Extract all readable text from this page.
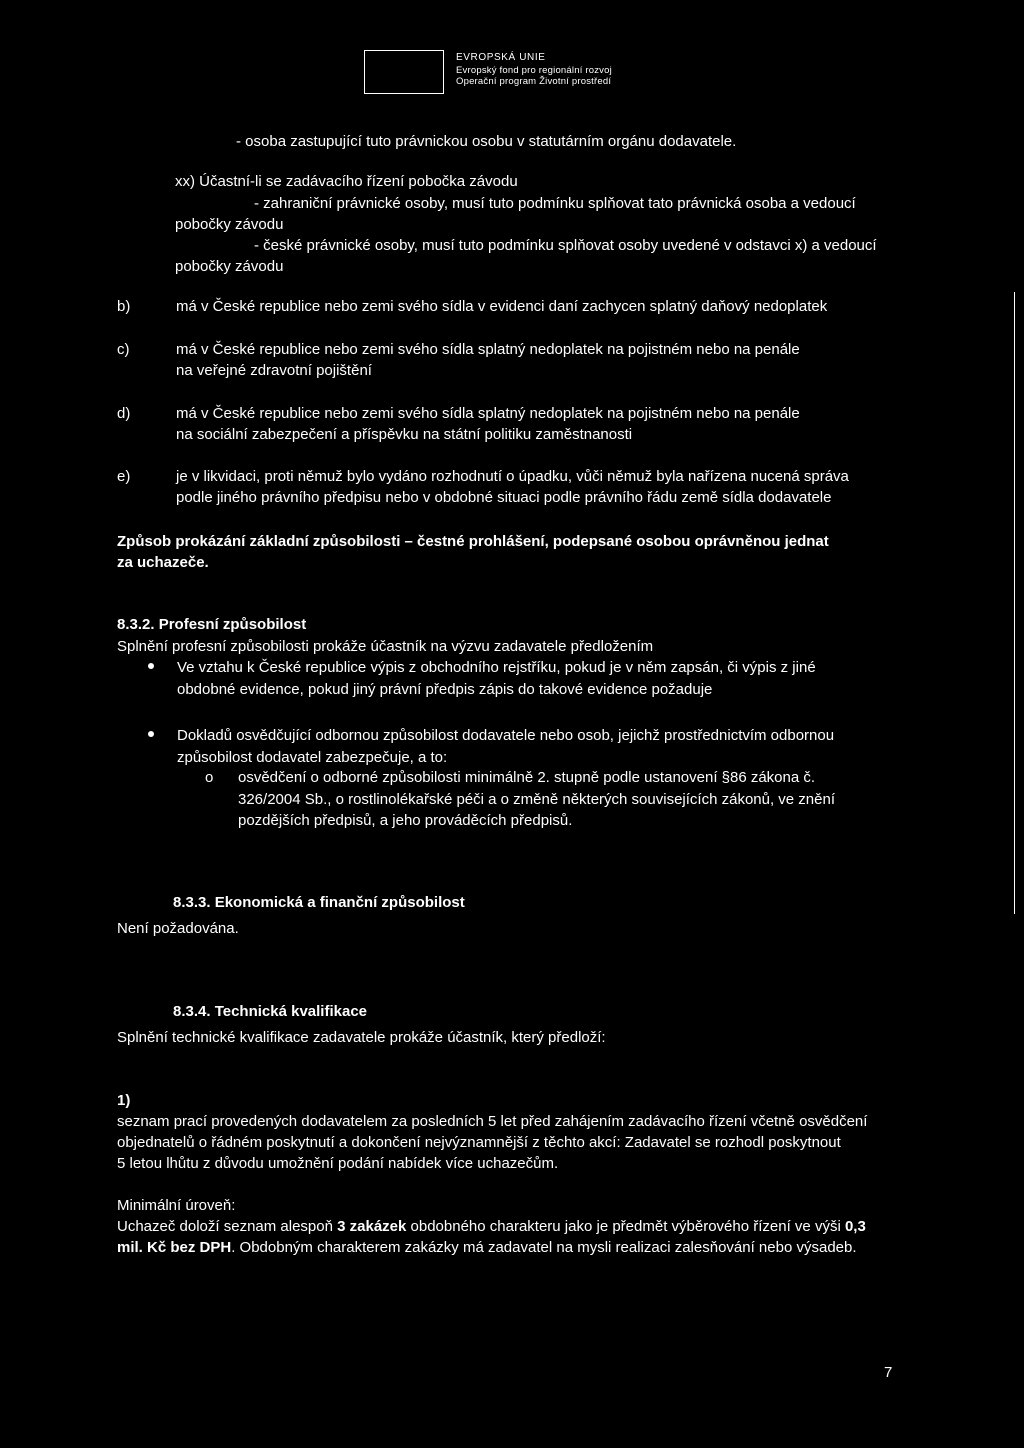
EVROPSKÁ UNIE
Evropský fond pro regionální rozvoj
Operační program Životní prostředí
- osoba zastupující tuto právnickou osobu v statutárním orgánu dodavatele.
xx) Účastní-li se zadávacího řízení pobočka závodu
- zahraniční právnické osoby, musí tuto podmínku splňovat tato právnická osoba a vedoucí
pobočky závodu
- české právnické osoby, musí tuto podmínku splňovat osoby uvedené v odstavci x) a vedoucí
pobočky závodu
b)	má v České republice nebo zemi svého sídla v evidenci daní zachycen splatný daňový nedoplatek
c)	má v České republice nebo zemi svého sídla splatný nedoplatek na pojistném nebo na penále
na veřejné zdravotní pojištění
d)	má v České republice nebo zemi svého sídla splatný nedoplatek na pojistném nebo na penále
na sociální zabezpečení a příspěvku na státní politiku zaměstnanosti
e)	je v likvidaci, proti němuž bylo vydáno rozhodnutí o úpadku, vůči němuž byla nařízena nucená správa
podle jiného právního předpisu nebo v obdobné situaci podle právního řádu země sídla dodavatele
Způsob prokázání základní způsobilosti – čestné prohlášení, podepsané osobou oprávněnou jednat
za uchazeče.
8.3.2. Profesní způsobilost
Splnění profesní způsobilosti prokáže účastník na výzvu zadavatele předložením
Ve vztahu k České republice výpis z obchodního rejstříku, pokud je v něm zapsán, či výpis z jiné
obdobné evidence, pokud jiný právní předpis zápis do takové evidence požaduje
Dokladů osvědčující odbornou způsobilost dodavatele nebo osob, jejichž prostřednictvím odbornou
způsobilost dodavatel zabezpečuje, a to:
o osvědčení o odborné způsobilosti minimálně 2. stupně podle ustanovení §86 zákona č.
326/2004 Sb., o rostlinolékařské péči a o změně některých souvisejících zákonů, ve znění
pozdějších předpisů, a jeho prováděcích předpisů.
8.3.3. Ekonomická a finanční způsobilost
Není požadována.
8.3.4. Technická kvalifikace
Splnění technické kvalifikace zadavatele prokáže účastník, který předloží:
1)
seznam prací provedených dodavatelem za posledních 5 let před zahájením zadávacího řízení včetně osvědčení
objednatelů o řádném poskytnutí a dokončení nejvýznamnější z těchto akcí: Zadavatel se rozhodl poskytnout
5 letou lhůtu z důvodu umožnění podání nabídek více uchazečům.
Minimální úroveň:
Uchazeč doloží seznam alespoň 3 zakázek obdobného charakteru jako je předmět výběrového řízení ve výši 0,3
mil. Kč bez DPH. Obdobným charakterem zakázky má zadavatel na mysli realizaci zalesňování nebo výsadeb.
7
